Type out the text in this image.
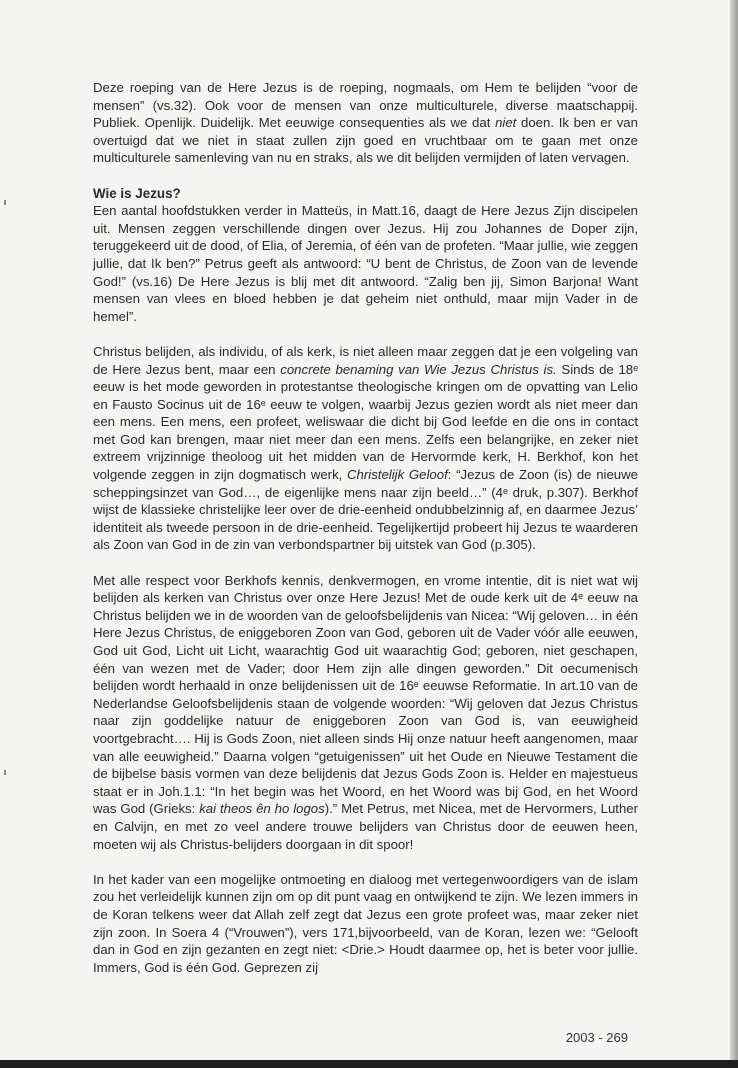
Deze roeping van de Here Jezus is de roeping, nogmaals, om Hem te belijden “voor de mensen” (vs.32). Ook voor de mensen van onze multiculturele, diverse maatschappij. Publiek. Openlijk. Duidelijk. Met eeuwige consequenties als we dat niet doen. Ik ben er van overtuigd dat we niet in staat zullen zijn goed en vruchtbaar om te gaan met onze multiculturele samenleving van nu en straks, als we dit belijden vermijden of laten vervagen.

Wie is Jezus?

Een aantal hoofdstukken verder in Matteüs, in Matt.16, daagt de Here Jezus Zijn discipelen uit. Mensen zeggen verschillende dingen over Jezus. Hij zou Johannes de Doper zijn, teruggekeerd uit de dood, of Elia, of Jeremia, of één van de profeten. “Maar jullie, wie zeggen jullie, dat Ik ben?” Petrus geeft als antwoord: “U bent de Christus, de Zoon van de levende God!” (vs.16) De Here Jezus is blij met dit antwoord. “Zalig ben jij, Simon Barjona! Want mensen van vlees en bloed hebben je dat geheim niet onthuld, maar mijn Vader in de hemel”.

Christus belijden, als individu, of als kerk, is niet alleen maar zeggen dat je een volgeling van de Here Jezus bent, maar een concrete benaming van Wie Jezus Christus is. Sinds de 18ᵉ eeuw is het mode geworden in protestantse theologische kringen om de opvatting van Lelio en Fausto Socinus uit de 16ᵉ eeuw te volgen, waarbij Jezus gezien wordt als niet meer dan een mens. Een mens, een profeet, weliswaar die dicht bij God leefde en die ons in contact met God kan brengen, maar niet meer dan een mens. Zelfs een belangrijke, en zeker niet extreem vrijzinnige theoloog uit het midden van de Hervormde kerk, H. Berkhof, kon het volgende zeggen in zijn dogmatisch werk, Christelijk Geloof: “Jezus de Zoon (is) de nieuwe scheppingsinzet van God…, de eigenlijke mens naar zijn beeld…” (4ᵉ druk, p.307). Berkhof wijst de klassieke christelijke leer over de drie-eenheid ondubbelzinnig af, en daarmee Jezus’ identiteit als tweede persoon in de drie-eenheid. Tegelijkertijd probeert hij Jezus te waarderen als Zoon van God in de zin van verbondspartner bij uitstek van God (p.305).

Met alle respect voor Berkhofs kennis, denkvermogen, en vrome intentie, dit is niet wat wij belijden als kerken van Christus over onze Here Jezus! Met de oude kerk uit de 4ᵉ eeuw na Christus belijden we in de woorden van de geloofsbelijdenis van Nicea: “Wij geloven… in één Here Jezus Christus, de eniggeboren Zoon van God, geboren uit de Vader vóór alle eeuwen, God uit God, Licht uit Licht, waarachtig God uit waarachtig God; geboren, niet geschapen, één van wezen met de Vader; door Hem zijn alle dingen geworden.” Dit oecumenisch belijden wordt herhaald in onze belijdenissen uit de 16ᵉ eeuwse Reformatie. In art.10 van de Nederlandse Geloofsbelijdenis staan de volgende woorden: “Wij geloven dat Jezus Christus naar zijn goddelijke natuur de eniggeboren Zoon van God is, van eeuwigheid voortgebracht…. Hij is Gods Zoon, niet alleen sinds Hij onze natuur heeft aangenomen, maar van alle eeuwigheid.” Daarna volgen “getuigenissen” uit het Oude en Nieuwe Testament die de bijbelse basis vormen van deze belijdenis dat Jezus Gods Zoon is. Helder en majestueus staat er in Joh.1.1: “In het begin was het Woord, en het Woord was bij God, en het Woord was God (Grieks: kai theos ên ho logos).” Met Petrus, met Nicea, met de Hervormers, Luther en Calvijn, en met zo veel andere trouwe belijders van Christus door de eeuwen heen, moeten wij als Christus-belijders doorgaan in dit spoor!

In het kader van een mogelijke ontmoeting en dialoog met vertegenwoordigers van de islam zou het verleidelijk kunnen zijn om op dit punt vaag en ontwijkend te zijn. We lezen immers in de Koran telkens weer dat Allah zelf zegt dat Jezus een grote profeet was, maar zeker niet zijn zoon. In Soera 4 (“Vrouwen”), vers 171,bijvoorbeeld, van de Koran, lezen we: “Gelooft dan in God en zijn gezanten en zegt niet: <Drie.> Houdt daarmee op, het is beter voor jullie. Immers, God is één God. Geprezen zij

2003 - 269
